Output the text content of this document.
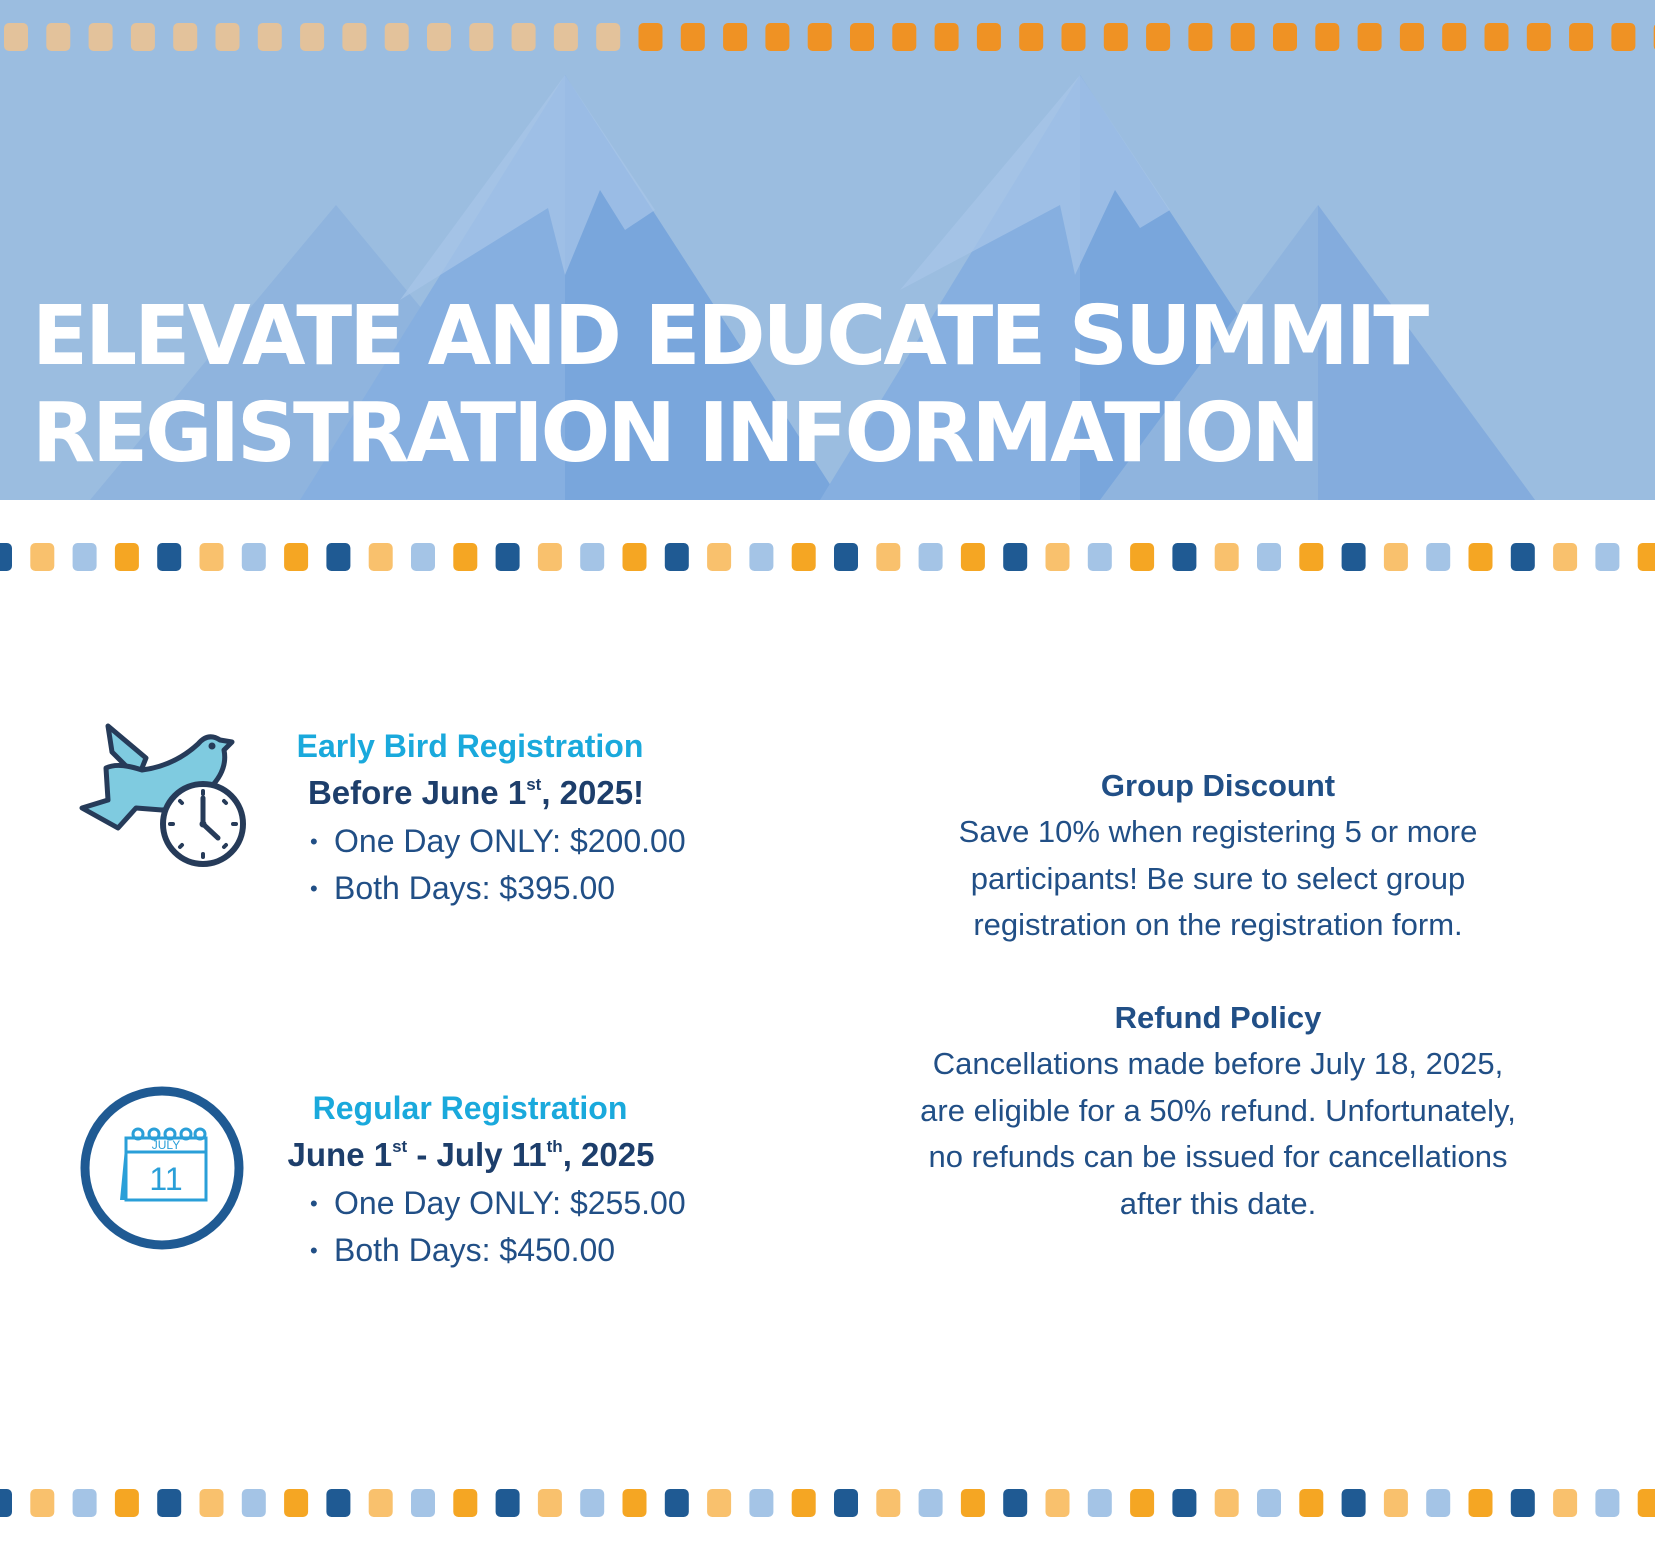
ELEVATE AND EDUCATE SUMMIT
REGISTRATION INFORMATION
Early Bird Registration

Before June 1st, 2025!

• One Day ONLY: $200.00
• Both Days: $395.00
JULY
11
Regular Registration

June 1st - July 11th, 2025

• One Day ONLY: $255.00
• Both Days: $450.00
Group Discount

Save 10% when registering 5 or more

participants! Be sure to select group

registration on the registration form.

Refund Policy

Cancellations made before July 18, 2025,

are eligible for a 50% refund. Unfortunately,

no refunds can be issued for cancellations

after this date.
